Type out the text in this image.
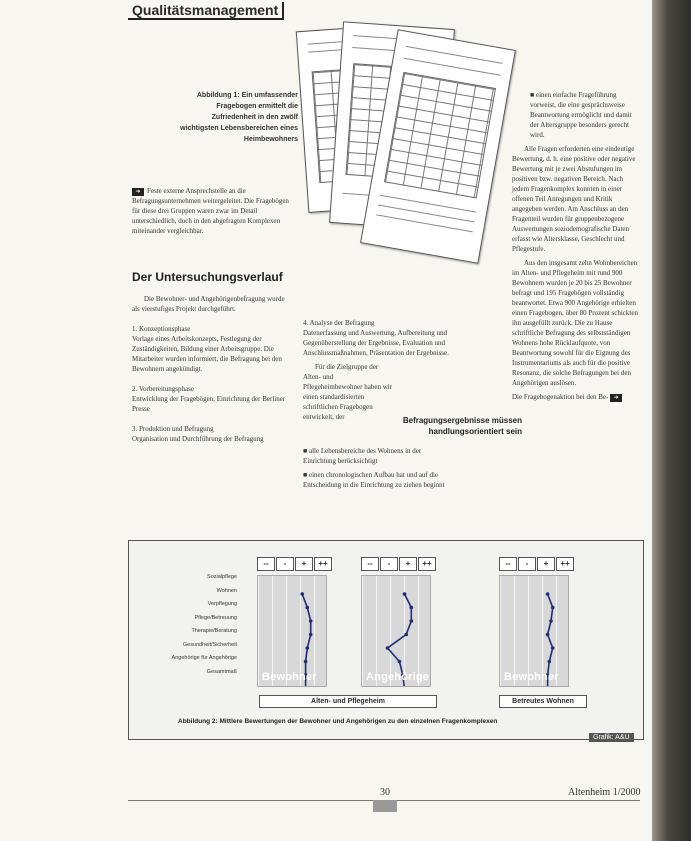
Qualitätsmanagement
Abbildung 1: Ein umfassender Fragebogen ermittelt die Zufriedenheit in den zwölf wichtigsten Lebensbereichen eines Heimbewohners

➜ Feste externe Ansprechstelle an die Befragungsunternehmen weitergeleitet. Die Fragebögen für diese drei Gruppen waren zwar im Detail unterschiedlich, doch in den abgefragten Komplexen miteinander vergleichbar.

Der Untersuchungsverlauf

Die Bewohner- und Angehörigenbefragung wurde als vierstufiges Projekt durchgeführt.

1. Konzeptionsphase

Vorlage eines Arbeitskonzepts, Festlegung der Zuständigkeiten, Bildung einer Arbeitsgruppe. Die Mitarbeiter wurden informiert, die Befragung bei den Bewohnern angekündigt.

2. Vorbereitungsphase

Entwicklung der Fragebögen, Einrichtung der Berliner Presse

3. Produktion und Befragung

Organisation und Durchführung der Befragung

4. Analyse der Befragung

Datenerfassung und Auswertung, Aufbereitung und Gegenüberstellung der Ergebnisse, Evaluation und Anschlussmaßnahmen, Präsentation der Ergebnisse.

Für die Zielgruppe der Alten- und Pflegeheimbewohner haben wir einen standardisierten schriftlichen Fragebogen entwickelt, der

■ alle Lebensbereiche des Wohnens in der Einrichtung berücksichtigt

■ einen chronologischen Aufbau hat und auf die Entscheidung in die Einrichtung zu ziehen beginnt

Befragungsergebnisse müssen handlungsorientiert sein

■ einen einfache Frageführung vorweist, die eine gesprächsweise Beantwortung ermöglicht und damit der Altersgruppe besonders gerecht wird.

Alle Fragen erforderten eine eindeutige Bewertung, d. h. eine positive oder negative Bewertung mit je zwei Abstufungen im positiven bzw. negativen Bereich. Nach jedem Fragenkomplex konnten in einer offenen Teil Anregungen und Kritik angegeben werden. Am Anschluss an den Fragenteil wurden für gruppenbezogene Auswertungen soziodemografische Daten erfasst wie Altersklasse, Geschlecht und Pflegestufe.

Aus den insgesamt zehn Wohnbereichen im Alten- und Pflegeheim mit rund 900 Bewohnern wurden je 20 bis 25 Bewohner befragt und 195 Fragebögen vollständig beantwortet. Etwa 900 Angehörige erhielten einen Fragebogen, über 80 Prozent schickten ihn ausgefüllt zurück. Die zu Hause schriftliche Befragung des selbstständigen Wohnens hohe Rücklaufquote, von Beantwortung sowohl für die Eignung des Instrumentariums als auch für die positive Resonanz, die solche Befragungen bei den Angehörigen auslösen.

Die Fragebogenaktion bei den Be- ➜

Sozialpflege
Wohnen
Verpflegung
Pflege/Betreuung
Therapie/Beratung
Gesundheit/Sicherheit
Angehörige für Angehörige
Gesamtmaß
--	-	+	++
Bewohner
--	-	+	++
Angehörige
--	-	+	++
Bewohner
Alten- und Pflegeheim	Betreutes Wohnen
Abbildung 2: Mittlere Bewertungen der Bewohner und Angehörigen zu den einzelnen Fragenkomplexen
Grafik: A&U
30	Altenheim 1/2000
